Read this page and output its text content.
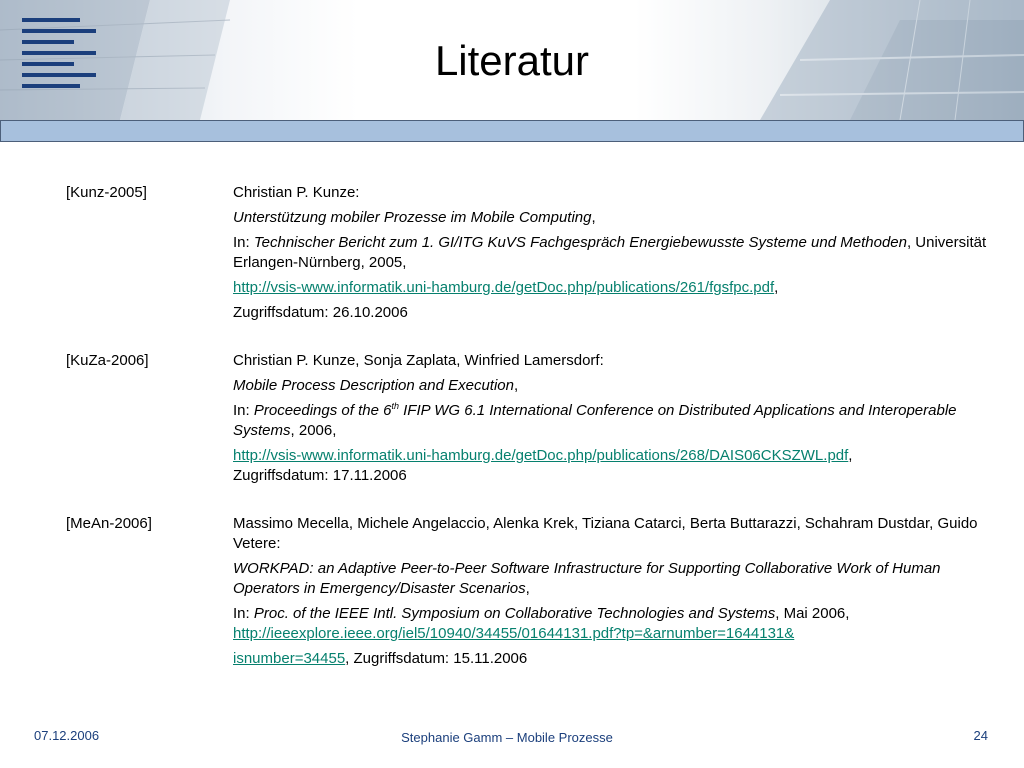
Literatur
[Kunz-2005]	Christian P. Kunze:
Unterstützung mobiler Prozesse im Mobile Computing,
In: Technischer Bericht zum 1. GI/ITG KuVS Fachgespräch Energiebewusste Systeme und Methoden, Universität Erlangen-Nürnberg, 2005,
http://vsis-www.informatik.uni-hamburg.de/getDoc.php/publications/261/fgsfpc.pdf,
Zugriffsdatum: 26.10.2006
[KuZa-2006]	Christian P. Kunze, Sonja Zaplata, Winfried Lamersdorf:
Mobile Process Description and Execution,
In: Proceedings of the 6th IFIP WG 6.1 International Conference on Distributed Applications and Interoperable Systems, 2006,
http://vsis-www.informatik.uni-hamburg.de/getDoc.php/publications/268/DAIS06CKSZWL.pdf,
Zugriffsdatum: 17.11.2006
[MeAn-2006]	Massimo Mecella, Michele Angelaccio, Alenka Krek, Tiziana Catarci, Berta Buttarazzi, Schahram Dustdar, Guido Vetere:
WORKPAD: an Adaptive Peer-to-Peer Software Infrastructure for Supporting Collaborative Work of Human Operators in Emergency/Disaster Scenarios,
In: Proc. of the IEEE Intl. Symposium on Collaborative Technologies and Systems, Mai 2006,
http://ieeexplore.ieee.org/iel5/10940/34455/01644131.pdf?tp=&arnumber=1644131&
isnumber=34455, Zugriffsdatum: 15.11.2006
07.12.2006	Stephanie Gamm – Mobile Prozesse	24
